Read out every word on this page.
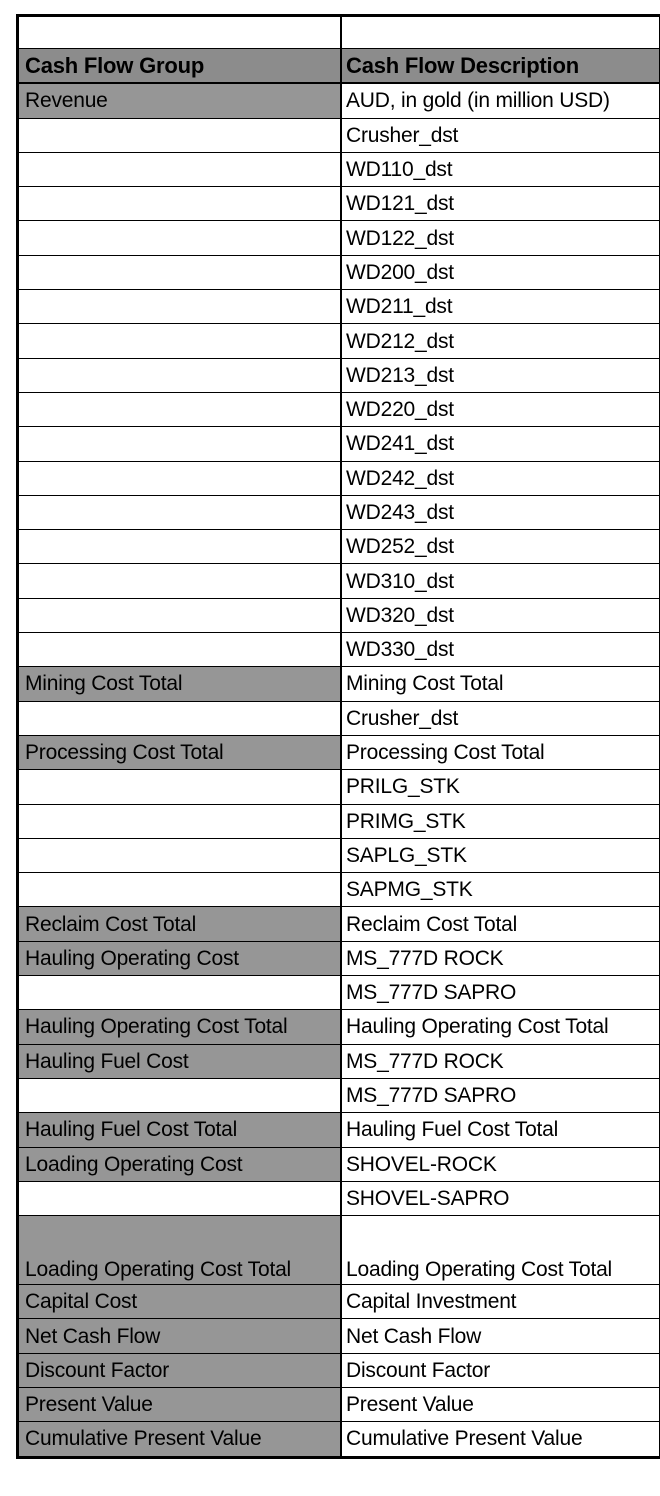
Cash Flow Group	Cash Flow Description
Revenue	AUD, in gold (in million USD)
	Crusher_dst
	WD110_dst
	WD121_dst
	WD122_dst
	WD200_dst
	WD211_dst
	WD212_dst
	WD213_dst
	WD220_dst
	WD241_dst
	WD242_dst
	WD243_dst
	WD252_dst
	WD310_dst
	WD320_dst
	WD330_dst
Mining Cost Total	Mining Cost Total
	Crusher_dst
Processing Cost Total	Processing Cost Total
	PRILG_STK
	PRIMG_STK
	SAPLG_STK
	SAPMG_STK
Reclaim Cost Total	Reclaim Cost Total
Hauling Operating Cost	MS_777D ROCK
	MS_777D SAPRO
Hauling Operating Cost Total	Hauling Operating Cost Total
Hauling Fuel Cost	MS_777D ROCK
	MS_777D SAPRO
Hauling Fuel Cost Total	Hauling Fuel Cost Total
Loading Operating Cost	SHOVEL-ROCK
	SHOVEL-SAPRO
Loading Operating Cost Total	Loading Operating Cost Total
Capital Cost	Capital Investment
Net Cash Flow	Net Cash Flow
Discount Factor	Discount Factor
Present Value	Present Value
Cumulative Present Value	Cumulative Present Value
